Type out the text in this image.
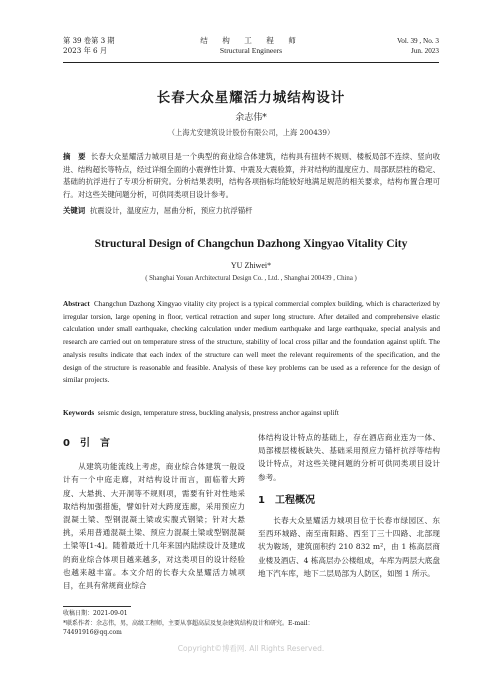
第 39 卷第 3 期
2023 年 6 月
结 构 工 程 师
Structural Engineers
Vol. 39 , No. 3
Jun. 2023
长春大众星耀活力城结构设计
余志伟*
（上海尤安建筑设计股份有限公司，上海 200439）
摘　要 长春大众星耀活力城项目是一个典型的商业综合体建筑，结构具有扭转不规则、楼板局部不连续、竖向收进、结构超长等特点，经过详细全面的小震弹性计算、中震及大震验算，并对结构的温度应力、局部跃层柱的稳定、基础的抗浮进行了专项分析研究。分析结果表明，结构各项指标均能较好地满足规范的相关要求，结构布置合理可行。对这些关键问题分析，可供同类项目设计参考。
关键词 抗震设计，温度应力，屈曲分析，预应力抗浮锚杆
Structural Design of Changchun Dazhong Xingyao Vitality City
YU Zhiwei*
( Shanghai Youan Architectural Design Co. , Ltd. , Shanghai 200439 , China )
Abstract Changchun Dazhong Xingyao vitality city project is a typical commercial complex building, which is characterized by irregular torsion, large opening in floor, vertical retraction and super long structure. After detailed and comprehensive elastic calculation under small earthquake, checking calculation under medium earthquake and large earthquake, special analysis and research are carried out on temperature stress of the structure, stability of local cross pillar and the foundation against uplift. The analysis results indicate that each index of the structure can well meet the relevant requirements of the specification, and the design of the structure is reasonable and feasible. Analysis of these key problems can be used as a reference for the design of similar projects.
Keywords seismic design, temperature stress, buckling analysis, prestress anchor against uplift
0　引　言

从建筑功能流线上考虑，商业综合体建筑一般设计有一个中庭走廊，对结构设计而言，面临着大跨度、大悬挑、大开洞等不规则项，需要有针对性地采取结构加强措施，譬如针对大跨度连廊，采用预应力混凝土梁、型钢混凝土梁或实腹式钢梁；针对大悬挑，采用普通混凝土梁、预应力混凝土梁或型钢混凝土梁等[1-4]。随着最近十几年来国内陆续设计及建成的商业综合体项目越来越多，对这类项目的设计经验也越来越丰富。本文介绍的长春大众星耀活力城项目，在具有常规商业综合

体结构设计特点的基础上，存在酒店商业连为一体、局部楼层楼板缺失、基础采用预应力锚杆抗浮等结构设计特点，对这些关键问题的分析可供同类项目设计参考。

1　工程概况

长春大众星耀活力城项目位于长春市绿园区、东至西环城路、南至南阳路、西至丁三十四路、北部现状为鞍场，建筑面积约 210 832 m²，由 1 栋高层商业楼及酒店、4 栋高层办公楼组成，车库为两层大底盘地下汽车库，地下二层局部为人防区，如图 1 所示。

收稿日期：2021-09-01
*联系作者：余志伟，男，高级工程师，主要从事超高层及复杂建筑结构设计和研究。E-mail：74491916@qq.com
Copyright©博看网. All Rights Reserved.
